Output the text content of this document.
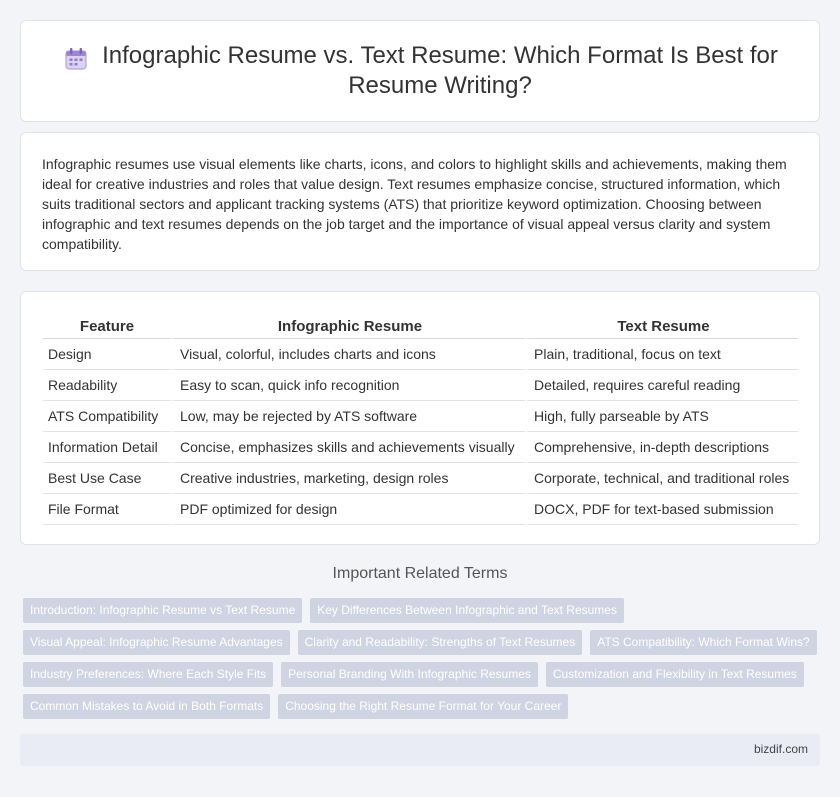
Infographic Resume vs. Text Resume: Which Format Is Best for Resume Writing?

Infographic resumes use visual elements like charts, icons, and colors to highlight skills and achievements, making them ideal for creative industries and roles that value design. Text resumes emphasize concise, structured information, which suits traditional sectors and applicant tracking systems (ATS) that prioritize keyword optimization. Choosing between infographic and text resumes depends on the job target and the importance of visual appeal versus clarity and system compatibility.

Feature	Infographic Resume	Text Resume
Design	Visual, colorful, includes charts and icons	Plain, traditional, focus on text
Readability	Easy to scan, quick info recognition	Detailed, requires careful reading
ATS Compatibility	Low, may be rejected by ATS software	High, fully parseable by ATS
Information Detail	Concise, emphasizes skills and achievements visually	Comprehensive, in-depth descriptions
Best Use Case	Creative industries, marketing, design roles	Corporate, technical, and traditional roles
File Format	PDF optimized for design	DOCX, PDF for text-based submission
Important Related Terms
Introduction: Infographic Resume vs Text Resume	Key Differences Between Infographic and Text Resumes
Visual Appeal: Infographic Resume Advantages	Clarity and Readability: Strengths of Text Resumes	ATS Compatibility: Which Format Wins?
Industry Preferences: Where Each Style Fits	Personal Branding With Infographic Resumes	Customization and Flexibility in Text Resumes
Common Mistakes to Avoid in Both Formats	Choosing the Right Resume Format for Your Career
bizdif.com
